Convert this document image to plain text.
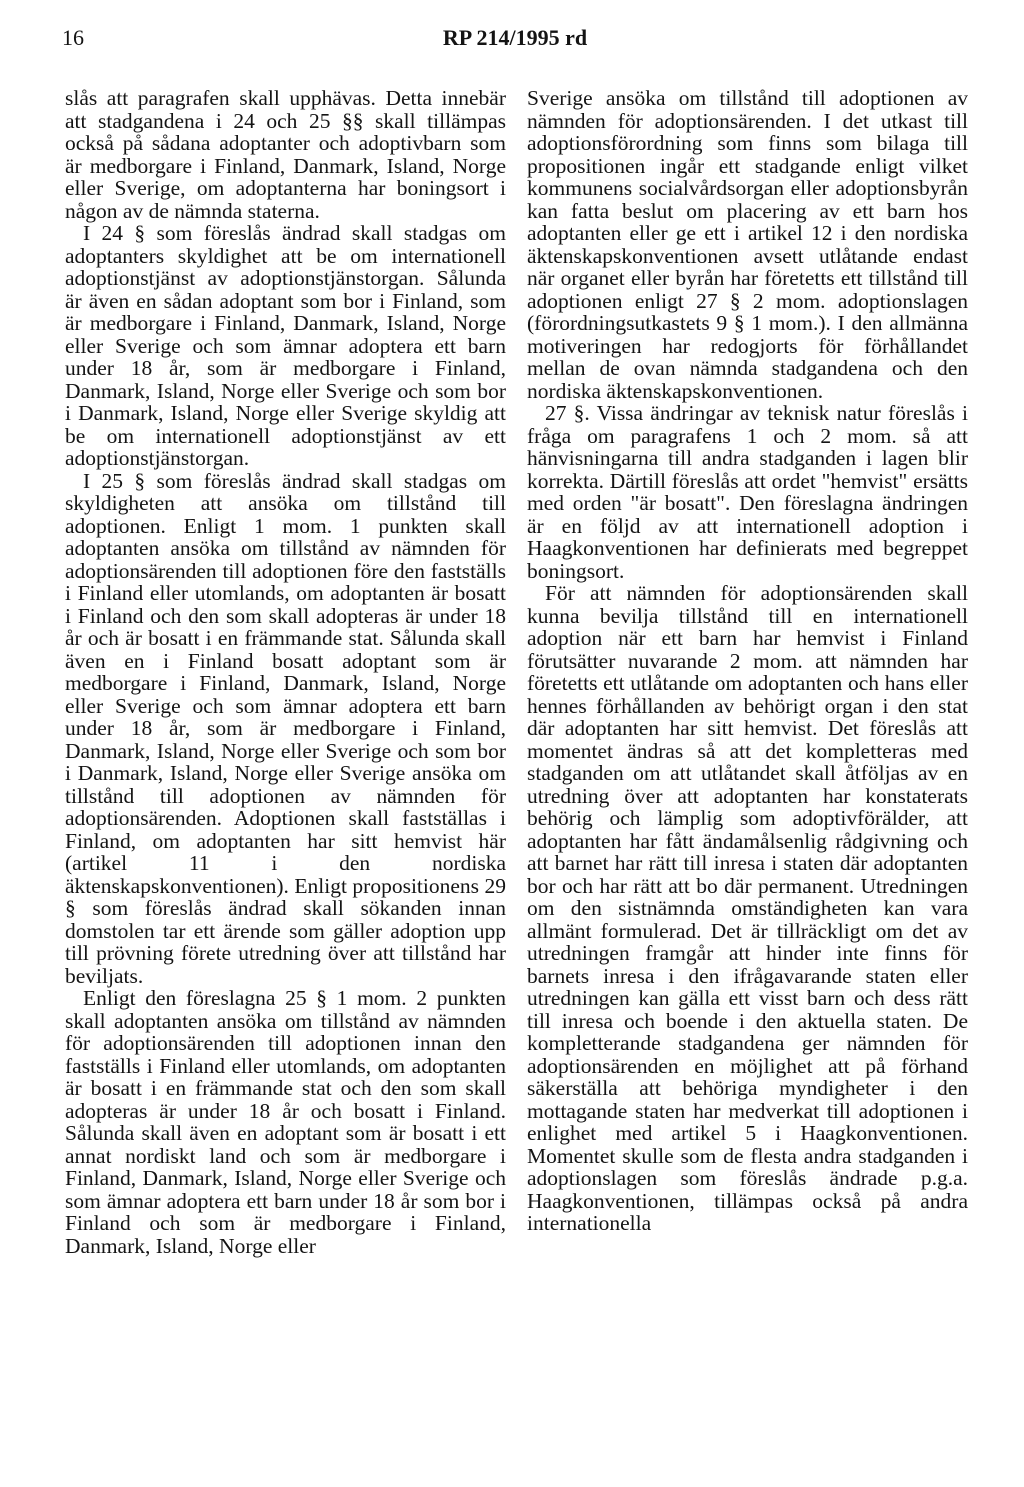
16	RP 214/1995 rd

slås att paragrafen skall upphävas. Detta innebär att stadgandena i 24 och 25 §§ skall tillämpas också på sådana adoptanter och adoptivbarn som är medborgare i Finland, Danmark, Island, Norge eller Sverige, om adoptanterna har boningsort i någon av de nämnda staterna.

I 24 § som föreslås ändrad skall stadgas om adoptanters skyldighet att be om internationell adoptionstjänst av adoptionstjänstorgan. Sålunda är även en sådan adoptant som bor i Finland, som är medborgare i Finland, Danmark, Island, Norge eller Sverige och som ämnar adoptera ett barn under 18 år, som är medborgare i Finland, Danmark, Island, Norge eller Sverige och som bor i Danmark, Island, Norge eller Sverige skyldig att be om internationell adoptionstjänst av ett adoptionstjänstorgan.

I 25 § som föreslås ändrad skall stadgas om skyldigheten att ansöka om tillstånd till adoptionen. Enligt 1 mom. 1 punkten skall adoptanten ansöka om tillstånd av nämnden för adoptionsärenden till adoptionen före den fastställs i Finland eller utomlands, om adoptanten är bosatt i Finland och den som skall adopteras är under 18 år och är bosatt i en främmande stat. Sålunda skall även en i Finland bosatt adoptant som är medborgare i Finland, Danmark, Island, Norge eller Sverige och som ämnar adoptera ett barn under 18 år, som är medborgare i Finland, Danmark, Island, Norge eller Sverige och som bor i Danmark, Island, Norge eller Sverige ansöka om tillstånd till adoptionen av nämnden för adoptionsärenden. Adoptionen skall fastställas i Finland, om adoptanten har sitt hemvist här (artikel 11 i den nordiska äktenskapskonventionen). Enligt propositionens 29 § som föreslås ändrad skall sökanden innan domstolen tar ett ärende som gäller adoption upp till prövning förete utredning över att tillstånd har beviljats.

Enligt den föreslagna 25 § 1 mom. 2 punkten skall adoptanten ansöka om tillstånd av nämnden för adoptionsärenden till adoptionen innan den fastställs i Finland eller utomlands, om adoptanten är bosatt i en främmande stat och den som skall adopteras är under 18 år och bosatt i Finland. Sålunda skall även en adoptant som är bosatt i ett annat nordiskt land och som är medborgare i Finland, Danmark, Island, Norge eller Sverige och som ämnar adoptera ett barn under 18 år som bor i Finland och som är medborgare i Finland, Danmark, Island, Norge eller

Sverige ansöka om tillstånd till adoptionen av nämnden för adoptionsärenden. I det utkast till adoptionsförordning som finns som bilaga till propositionen ingår ett stadgande enligt vilket kommunens socialvårdsorgan eller adoptionsbyrån kan fatta beslut om placering av ett barn hos adoptanten eller ge ett i artikel 12 i den nordiska äktenskapskonventionen avsett utlåtande endast när organet eller byrån har företetts ett tillstånd till adoptionen enligt 27 § 2 mom. adoptionslagen (förordningsutkastets 9 § 1 mom.). I den allmänna motiveringen har redogjorts för förhållandet mellan de ovan nämnda stadgandena och den nordiska äktenskapskonventionen.

27 §. Vissa ändringar av teknisk natur föreslås i fråga om paragrafens 1 och 2 mom. så att hänvisningarna till andra stadganden i lagen blir korrekta. Därtill föreslås att ordet "hemvist" ersätts med orden "är bosatt". Den föreslagna ändringen är en följd av att internationell adoption i Haagkonventionen har definierats med begreppet boningsort.

För att nämnden för adoptionsärenden skall kunna bevilja tillstånd till en internationell adoption när ett barn har hemvist i Finland förutsätter nuvarande 2 mom. att nämnden har företetts ett utlåtande om adoptanten och hans eller hennes förhållanden av behörigt organ i den stat där adoptanten har sitt hemvist. Det föreslås att momentet ändras så att det kompletteras med stadganden om att utlåtandet skall åtföljas av en utredning över att adoptanten har konstaterats behörig och lämplig som adoptivförälder, att adoptanten har fått ändamålsenlig rådgivning och att barnet har rätt till inresa i staten där adoptanten bor och har rätt att bo där permanent. Utredningen om den sistnämnda omständigheten kan vara allmänt formulerad. Det är tillräckligt om det av utredningen framgår att hinder inte finns för barnets inresa i den ifrågavarande staten eller utredningen kan gälla ett visst barn och dess rätt till inresa och boende i den aktuella staten. De kompletterande stadgandena ger nämnden för adoptionsärenden en möjlighet att på förhand säkerställa att behöriga myndigheter i den mottagande staten har medverkat till adoptionen i enlighet med artikel 5 i Haagkonventionen. Momentet skulle som de flesta andra stadganden i adoptionslagen som föreslås ändrade p.g.a. Haagkonventionen, tillämpas också på andra internationella
